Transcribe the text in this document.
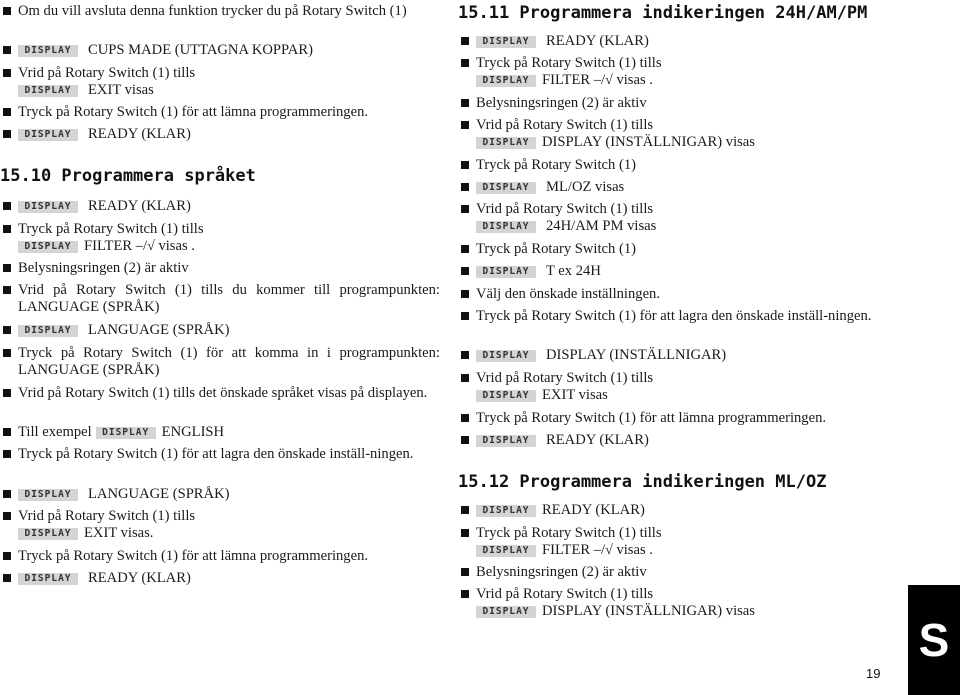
Om du vill avsluta denna funktion trycker du på Rotary Switch (1)
DISPLAY CUPS MADE (UTTAGNA KOPPAR)
Vrid på Rotary Switch (1) tills
DISPLAY EXIT visas
Tryck på Rotary Switch (1) för att lämna programmeringen.
DISPLAY READY (KLAR)
15.10 Programmera språket
DISPLAY READY (KLAR)
Tryck på Rotary Switch (1) tills
DISPLAY FILTER –/√ visas .
Belysningsringen (2) är aktiv
Vrid på Rotary Switch (1) tills du kommer till programpunkten: LANGUAGE (SPRÅK)
DISPLAY LANGUAGE (SPRÅK)
Tryck på Rotary Switch (1) för att komma in i programpunkten: LANGUAGE (SPRÅK)
Vrid på Rotary Switch (1) tills det önskade språket visas på displayen.
Till exempel DISPLAY ENGLISH
Tryck på Rotary Switch (1) för att lagra den önskade inställ-ningen.
DISPLAY LANGUAGE (SPRÅK)
Vrid på Rotary Switch (1) tills
DISPLAY EXIT visas.
Tryck på Rotary Switch (1) för att lämna programmeringen.
DISPLAY READY (KLAR)
15.11 Programmera indikeringen 24H/AM/PM
DISPLAY READY (KLAR)
Tryck på Rotary Switch (1) tills
DISPLAY FILTER –/√ visas .
Belysningsringen (2) är aktiv
Vrid på Rotary Switch (1) tills
DISPLAY DISPLAY (INSTÄLLNIGAR) visas
Tryck på Rotary Switch (1)
DISPLAY ML/OZ visas
Vrid på Rotary Switch (1) tills
DISPLAY 24H/AM PM visas
Tryck på Rotary Switch (1)
DISPLAY T ex 24H
Välj den önskade inställningen.
Tryck på Rotary Switch (1) för att lagra den önskade inställ-ningen.
DISPLAY DISPLAY (INSTÄLLNIGAR)
Vrid på Rotary Switch (1) tills
DISPLAY EXIT visas
Tryck på Rotary Switch (1) för att lämna programmeringen.
DISPLAY READY (KLAR)
15.12 Programmera indikeringen ML/OZ
DISPLAY READY (KLAR)
Tryck på Rotary Switch (1) tills
DISPLAY FILTER –/√ visas .
Belysningsringen (2) är aktiv
Vrid på Rotary Switch (1) tills
DISPLAY DISPLAY (INSTÄLLNIGAR) visas
S
19
